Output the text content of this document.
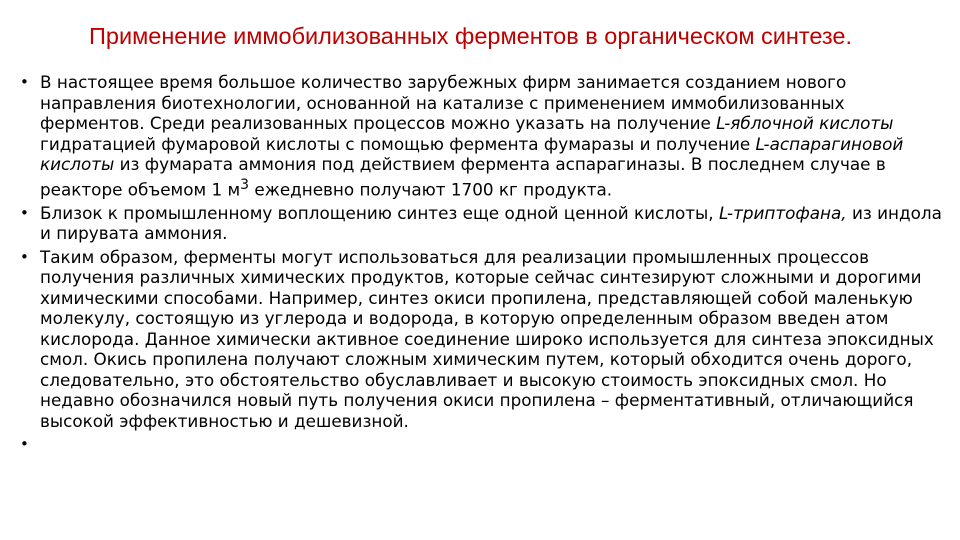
Применение иммобилизованных ферментов в органическом синтезе.
• В настоящее время большое количество зарубежных фирм занимается созданием нового направления биотехнологии, основанной на катализе с применением иммобилизованных ферментов. Среди реализованных процессов можно указать на получение L-яблочной кислоты гидратацией фумаровой кислоты с помощью фермента фумаразы и получение L-аспарагиновой кислоты из фумарата аммония под действием фермента аспарагиназы. В последнем случае в реакторе объемом 1 $м^3$ ежедневно получают 1700 кг продукта.
• Близок к промышленному воплощению синтез еще одной ценной кислоты, L-триптофана, из индола и пирувата аммония.
• Таким образом, ферменты могут использоваться для реализации промышленных процессов получения различных химических продуктов, которые сейчас синтезируют сложными и дорогими химическими способами. Например, синтез окиси пропилена, представляющей собой маленькую молекулу, состоящую из углерода и водорода, в которую определенным образом введен атом кислорода. Данное химически активное соединение широко используется для синтеза эпоксидных смол. Окись пропилена получают сложным химическим путем, который обходится очень дорого, следовательно, это обстоятельство обуславливает и высокую стоимость эпоксидных смол. Но недавно обозначился новый путь получения окиси пропилена – ферментативный, отличающийся высокой эффективностью и дешевизной.
•
